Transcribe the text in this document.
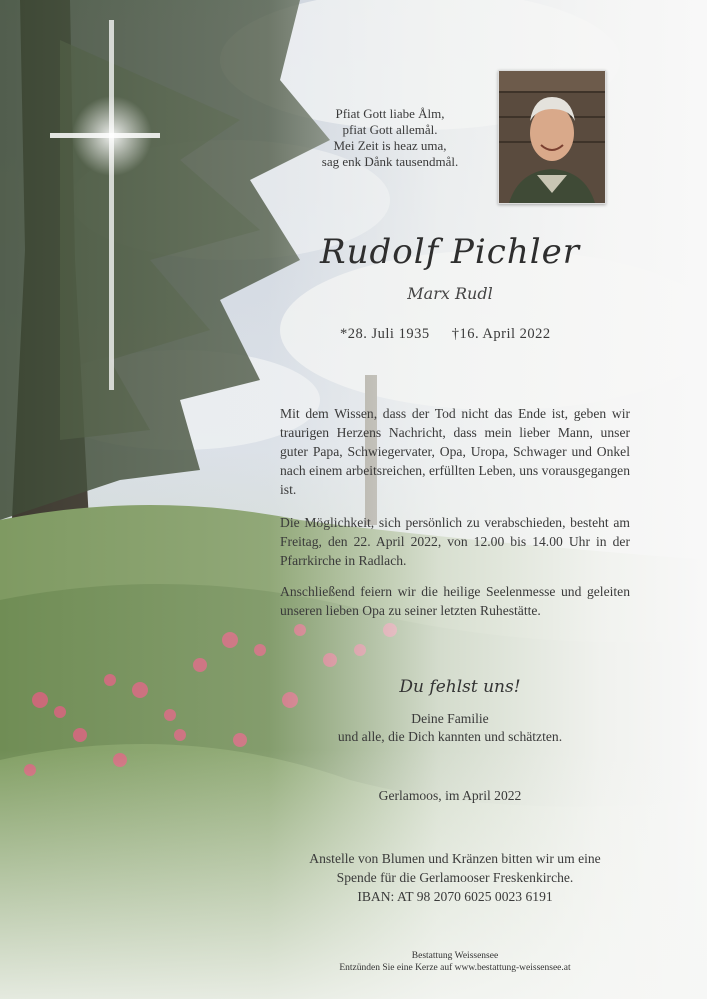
Pfiat Gott liabe Ålm,
pfiat Gott allemål.
Mei Zeit is heaz uma,
sag enk Dånk tausendmål.
Rudolf Pichler
Marx Rudl
*28. Juli 1935 †16. April 2022
Mit dem Wissen, dass der Tod nicht das Ende ist, geben wir traurigen Herzens Nachricht, dass mein lieber Mann, unser guter Papa, Schwiegervater, Opa, Uropa, Schwager und Onkel nach einem arbeitsreichen, erfüllten Leben, uns vorausgegangen ist.
Die Möglichkeit, sich persönlich zu verabschieden, besteht am Freitag, den 22. April 2022, von 12.00 bis 14.00 Uhr in der Pfarrkirche in Radlach.
Anschließend feiern wir die heilige Seelenmesse und geleiten unseren lieben Opa zu seiner letzten Ruhestätte.
Du fehlst uns!
Deine Familie
und alle, die Dich kannten und schätzten.
Gerlamoos, im April 2022
Anstelle von Blumen und Kränzen bitten wir um eine
Spende für die Gerlamooser Freskenkirche.
IBAN: AT 98 2070 6025 0023 6191
Bestattung Weissensee
Entzünden Sie eine Kerze auf www.bestattung-weissensee.at
